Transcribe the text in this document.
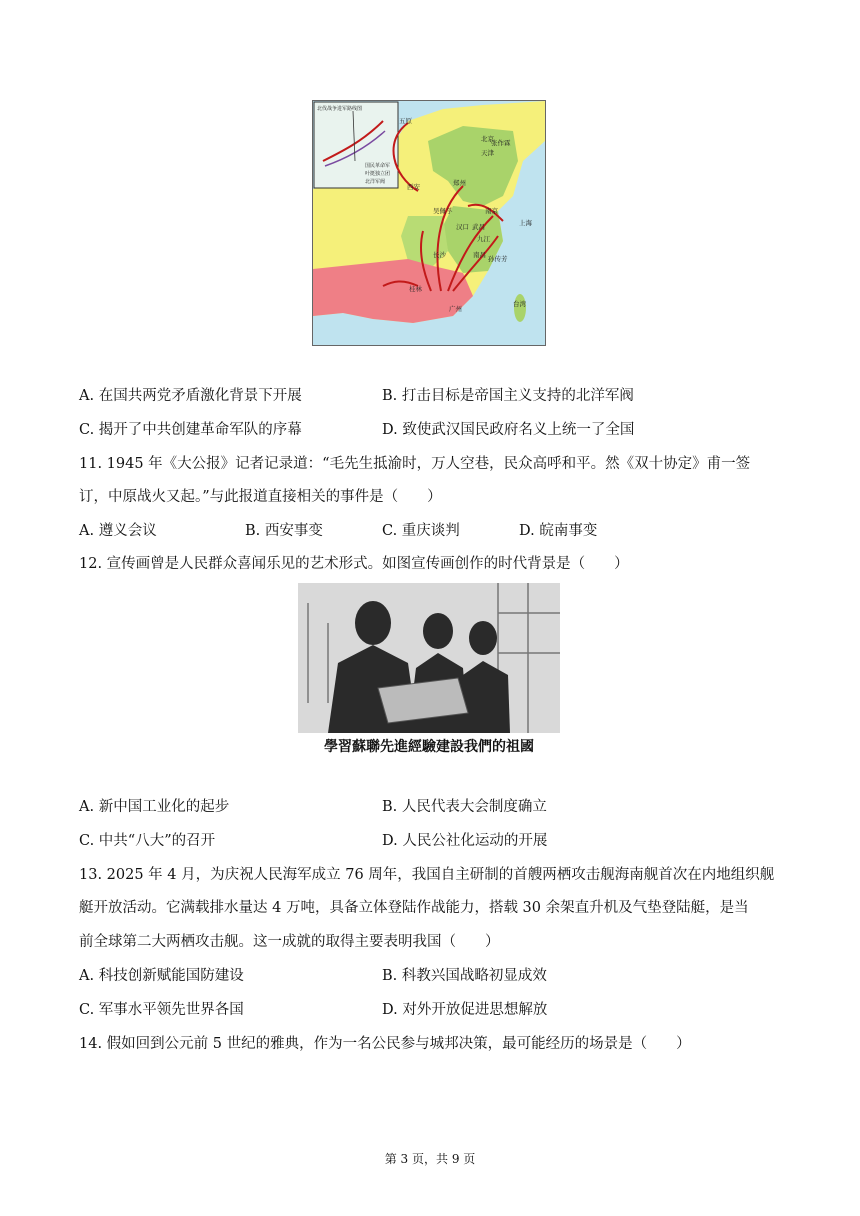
张作霖
北京
天津
五原
西安	郑州
吴佩孚	南京
上海
汉口 武昌
九江
南昌 孙传芳
长沙
桂林
广州
台湾
北伐战争进军路线图
国民革命军
叶挺独立团
北洋军阀
A. 在国共两党矛盾激化背景下开展	B. 打击目标是帝国主义支持的北洋军阀
C. 揭开了中共创建革命军队的序幕	D. 致使武汉国民政府名义上统一了全国
11. 1945 年《大公报》记者记录道：“毛先生抵渝时，万人空巷，民众高呼和平。然《双十协定》甫一签
订，中原战火又起。”与此报道直接相关的事件是（　　）
A. 遵义会议	B. 西安事变	C. 重庆谈判	D. 皖南事变
12. 宣传画曾是人民群众喜闻乐见的艺术形式。如图宣传画创作的时代背景是（　　）
學習蘇聯先進經驗建設我們的祖國
A. 新中国工业化的起步	B. 人民代表大会制度确立
C. 中共“八大”的召开	D. 人民公社化运动的开展
13. 2025 年 4 月，为庆祝人民海军成立 76 周年，我国自主研制的首艘两栖攻击舰海南舰首次在内地组织舰
艇开放活动。它满载排水量达 4 万吨，具备立体登陆作战能力，搭载 30 余架直升机及气垫登陆艇，是当
前全球第二大两栖攻击舰。这一成就的取得主要表明我国（　　）
A. 科技创新赋能国防建设	B. 科教兴国战略初显成效
C. 军事水平领先世界各国	D. 对外开放促进思想解放
14. 假如回到公元前 5 世纪的雅典，作为一名公民参与城邦决策，最可能经历的场景是（　　）
第 3 页，共 9 页
